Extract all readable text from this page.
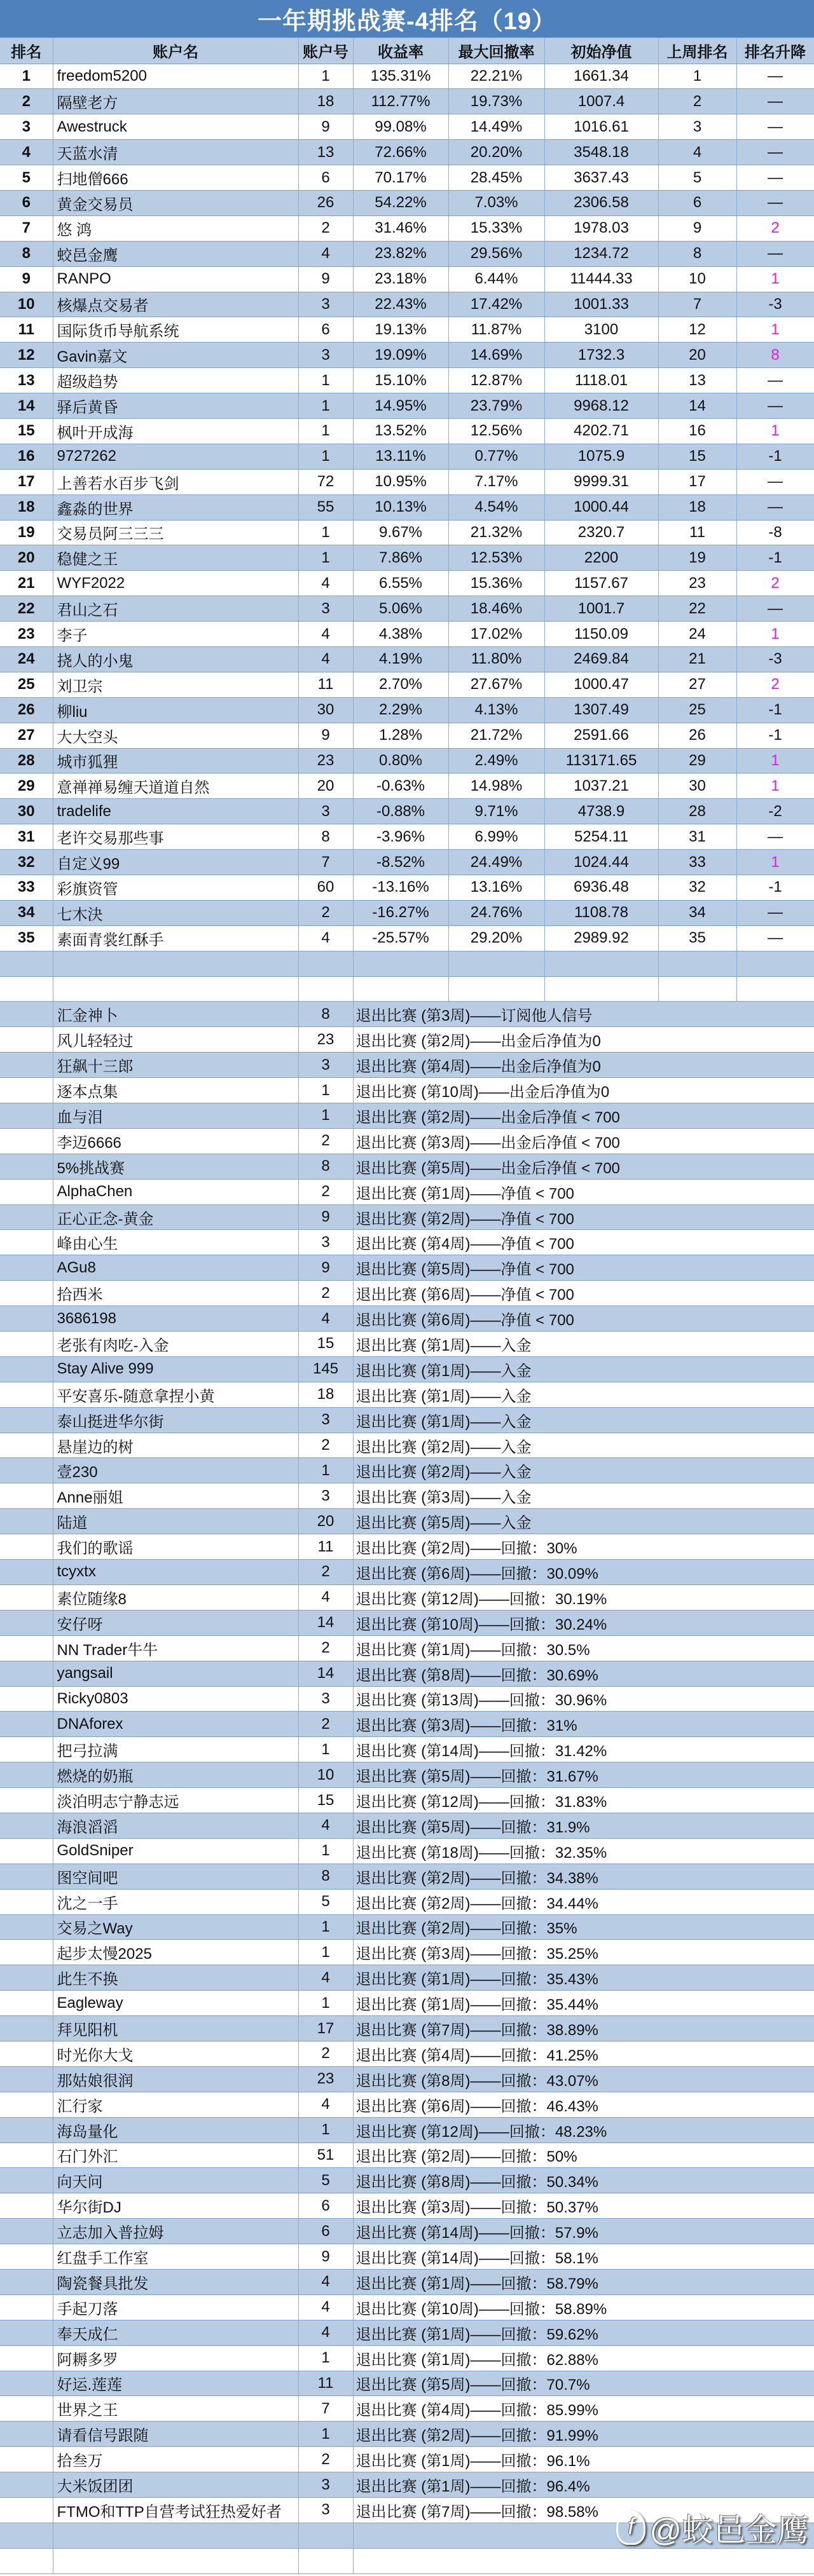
一年期挑战赛-4排名（19）
排名	账户名	账户号	收益率	最大回撤率	初始净值	上周排名	排名升降
1	freedom5200	1	135.31%	22.21%	1661.34	1	—
2	隔壁老方	18	112.77%	19.73%	1007.4	2	—
3	Awestruck	9	99.08%	14.49%	1016.61	3	—
4	天蓝水清	13	72.66%	20.20%	3548.18	4	—
5	扫地僧666	6	70.17%	28.45%	3637.43	5	—
6	黄金交易员	26	54.22%	7.03%	2306.58	6	—
7	悠 鸿	2	31.46%	15.33%	1978.03	9	2
8	蛟邑金鹰	4	23.82%	29.56%	1234.72	8	—
9	RANPO	9	23.18%	6.44%	11444.33	10	1
10	核爆点交易者	3	22.43%	17.42%	1001.33	7	-3
11	国际货币导航系统	6	19.13%	11.87%	3100	12	1
12	Gavin嘉文	3	19.09%	14.69%	1732.3	20	8
13	超级趋势	1	15.10%	12.87%	1118.01	13	—
14	驿后黄昏	1	14.95%	23.79%	9968.12	14	—
15	枫叶开成海	1	13.52%	12.56%	4202.71	16	1
16	9727262	1	13.11%	0.77%	1075.9	15	-1
17	上善若水百步飞剑	72	10.95%	7.17%	9999.31	17	—
18	鑫淼的世界	55	10.13%	4.54%	1000.44	18	—
19	交易员阿三三三	1	9.67%	21.32%	2320.7	11	-8
20	稳健之王	1	7.86%	12.53%	2200	19	-1
21	WYF2022	4	6.55%	15.36%	1157.67	23	2
22	君山之石	3	5.06%	18.46%	1001.7	22	—
23	李子	4	4.38%	17.02%	1150.09	24	1
24	挠人的小鬼	4	4.19%	11.80%	2469.84	21	-3
25	刘卫宗	11	2.70%	27.67%	1000.47	27	2
26	柳liu	30	2.29%	4.13%	1307.49	25	-1
27	大大空头	9	1.28%	21.72%	2591.66	26	-1
28	城市狐狸	23	0.80%	2.49%	113171.65	29	1
29	意禅禅易缠天道道自然	20	-0.63%	14.98%	1037.21	30	1
30	tradelife	3	-0.88%	9.71%	4738.9	28	-2
31	老许交易那些事	8	-3.96%	6.99%	5254.11	31	—
32	自定义99	7	-8.52%	24.49%	1024.44	33	1
33	彩旗资管	60	-13.16%	13.16%	6936.48	32	-1
34	七木決	2	-16.27%	24.76%	1108.78	34	—
35	素面青裳红酥手	4	-25.57%	29.20%	2989.92	35	—

	汇金神卜	8	退出比赛 (第3周)——订阅他人信号				
	风儿轻轻过	23	退出比赛 (第2周)——出金后净值为0				
	狂飙十三郎	3	退出比赛 (第4周)——出金后净值为0				
	逐本点集	1	退出比赛 (第10周)——出金后净值为0				
	血与泪	1	退出比赛 (第2周)——出金后净值 < 700				
	李迈6666	2	退出比赛 (第3周)——出金后净值 < 700				
	5%挑战赛	8	退出比赛 (第5周)——出金后净值 < 700				
	AlphaChen	2	退出比赛 (第1周)——净值 < 700				
	正心正念-黄金	9	退出比赛 (第2周)——净值 < 700				
	峰由心生	3	退出比赛 (第4周)——净值 < 700				
	AGu8	9	退出比赛 (第5周)——净值 < 700				
	拾西米	2	退出比赛 (第6周)——净值 < 700				
	3686198	4	退出比赛 (第6周)——净值 < 700				
	老张有肉吃-入金	15	退出比赛 (第1周)——入金				
	Stay Alive 999	145	退出比赛 (第1周)——入金				
	平安喜乐-随意拿捏小黄	18	退出比赛 (第1周)——入金				
	泰山挺进华尔街	3	退出比赛 (第1周)——入金				
	悬崖边的树	2	退出比赛 (第2周)——入金				
	壹230	1	退出比赛 (第2周)——入金				
	Anne丽姐	3	退出比赛 (第3周)——入金				
	陆道	20	退出比赛 (第5周)——入金				
	我们的歌谣	11	退出比赛 (第2周)——回撤：30%				
	tcyxtx	2	退出比赛 (第6周)——回撤：30.09%				
	素位随缘8	4	退出比赛 (第12周)——回撤：30.19%				
	安仔呀	14	退出比赛 (第10周)——回撤：30.24%				
	NN Trader牛牛	2	退出比赛 (第1周)——回撤：30.5%				
	yangsail	14	退出比赛 (第8周)——回撤：30.69%				
	Ricky0803	3	退出比赛 (第13周)——回撤：30.96%				
	DNAforex	2	退出比赛 (第3周)——回撤：31%				
	把弓拉满	1	退出比赛 (第14周)——回撤：31.42%				
	燃烧的奶瓶	10	退出比赛 (第5周)——回撤：31.67%				
	淡泊明志宁静志远	15	退出比赛 (第12周)——回撤：31.83%				
	海浪滔滔	4	退出比赛 (第5周)——回撤：31.9%				
	GoldSniper	1	退出比赛 (第18周)——回撤：32.35%				
	图空间吧	8	退出比赛 (第2周)——回撤：34.38%				
	沈之一手	5	退出比赛 (第2周)——回撤：34.44%				
	交易之Way	1	退出比赛 (第2周)——回撤：35%				
	起步太慢2025	1	退出比赛 (第3周)——回撤：35.25%				
	此生不换	4	退出比赛 (第1周)——回撤：35.43%				
	Eagleway	1	退出比赛 (第1周)——回撤：35.44%				
	拜见阳机	17	退出比赛 (第7周)——回撤：38.89%				
	时光你大戈	2	退出比赛 (第4周)——回撤：41.25%				
	那姑娘很润	23	退出比赛 (第8周)——回撤：43.07%				
	汇行家	4	退出比赛 (第6周)——回撤：46.43%				
	海岛量化	1	退出比赛 (第12周)——回撤：48.23%				
	石门外汇	51	退出比赛 (第2周)——回撤：50%				
	向天问	5	退出比赛 (第8周)——回撤：50.34%				
	华尔街DJ	6	退出比赛 (第3周)——回撤：50.37%				
	立志加入普拉姆	6	退出比赛 (第14周)——回撤：57.9%				
	红盘手工作室	9	退出比赛 (第14周)——回撤：58.1%				
	陶瓷餐具批发	4	退出比赛 (第1周)——回撤：58.79%				
	手起刀落	4	退出比赛 (第10周)——回撤：58.89%				
	奉天成仁	4	退出比赛 (第1周)——回撤：59.62%				
	阿耨多罗	1	退出比赛 (第1周)——回撤：62.88%				
	好运.莲莲	11	退出比赛 (第5周)——回撤：70.7%				
	世界之王	7	退出比赛 (第4周)——回撤：85.99%				
	请看信号跟随	1	退出比赛 (第2周)——回撤：91.99%				
	拾叁万	2	退出比赛 (第1周)——回撤：96.1%				
	大米饭团团	3	退出比赛 (第1周)——回撤：96.4%				
	FTMO和TTP自营考试狂热爱好者	3	退出比赛 (第7周)——回撤：98.58%				

f @蛟邑金鹰
